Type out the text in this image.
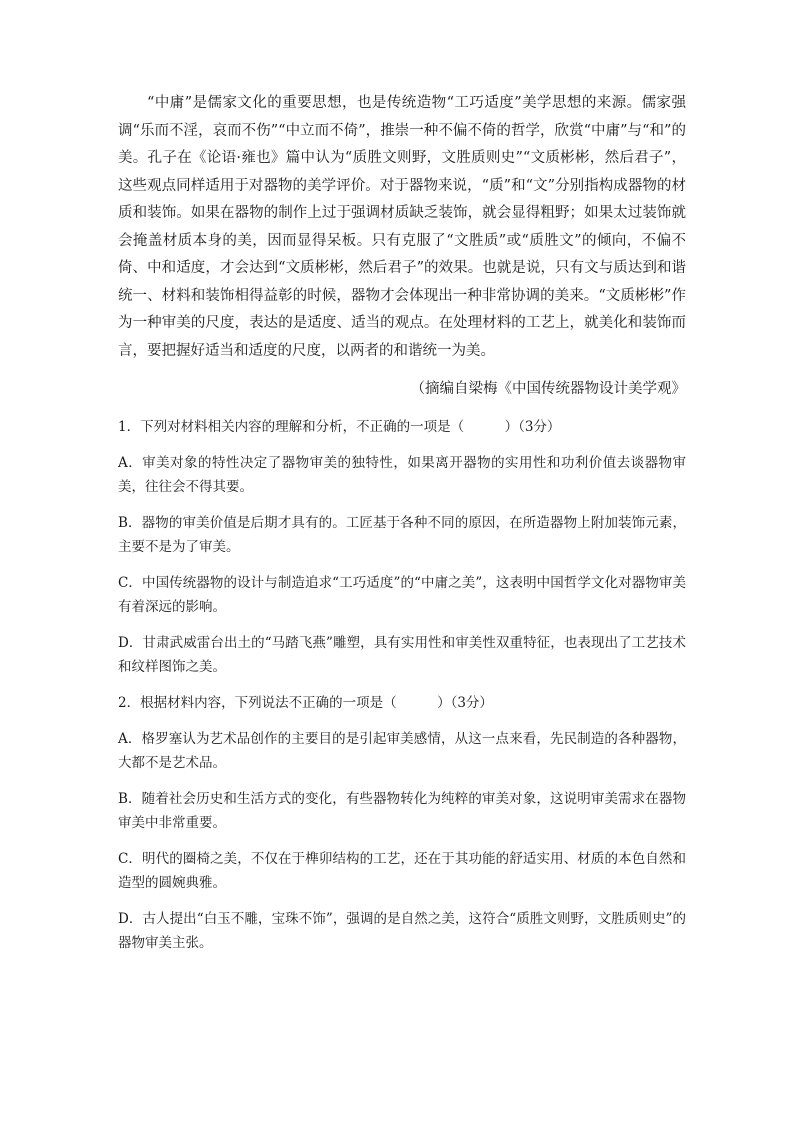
“中庸”是儒家文化的重要思想，也是传统造物“工巧适度”美学思想的来源。儒家强调“乐而不淫，哀而不伤”“中立而不倚”，推崇一种不偏不倚的哲学，欣赏“中庸”与“和”的美。孔子在《论语·雍也》篇中认为“质胜文则野，文胜质则史”“文质彬彬，然后君子”，这些观点同样适用于对器物的美学评价。对于器物来说，“质”和“文”分别指构成器物的材质和装饰。如果在器物的制作上过于强调材质缺乏装饰，就会显得粗野；如果太过装饰就会掩盖材质本身的美，因而显得呆板。只有克服了“文胜质”或“质胜文”的倾向，不偏不倚、中和适度，才会达到“文质彬彬，然后君子”的效果。也就是说，只有文与质达到和谐统一、材料和装饰相得益彰的时候，器物才会体现出一种非常协调的美来。“文质彬彬”作为一种审美的尺度，表达的是适度、适当的观点。在处理材料的工艺上，就美化和装饰而言，要把握好适当和适度的尺度，以两者的和谐统一为美。

（摘编自梁梅《中国传统器物设计美学观》
1．下列对材料相关内容的理解和分析，不正确的一项是（　　　）（3分）
A．审美对象的特性决定了器物审美的独特性，如果离开器物的实用性和功利价值去谈器物审美，往往会不得其要。
B．器物的审美价值是后期才具有的。工匠基于各种不同的原因，在所造器物上附加装饰元素，主要不是为了审美。
C．中国传统器物的设计与制造追求“工巧适度”的“中庸之美”，这表明中国哲学文化对器物审美有着深远的影响。
D．甘肃武威雷台出土的“马踏飞燕”雕塑，具有实用性和审美性双重特征，也表现出了工艺技术和纹样图饰之美。
2．根据材料内容，下列说法不正确的一项是（　　　）（3分）
A．格罗塞认为艺术品创作的主要目的是引起审美感情，从这一点来看，先民制造的各种器物，大都不是艺术品。
B．随着社会历史和生活方式的变化，有些器物转化为纯粹的审美对象，这说明审美需求在器物审美中非常重要。
C．明代的圈椅之美，不仅在于榫卯结构的工艺，还在于其功能的舒适实用、材质的本色自然和造型的圆婉典雅。
D．古人提出“白玉不雕，宝珠不饰”，强调的是自然之美，这符合“质胜文则野，文胜质则史”的器物审美主张。
